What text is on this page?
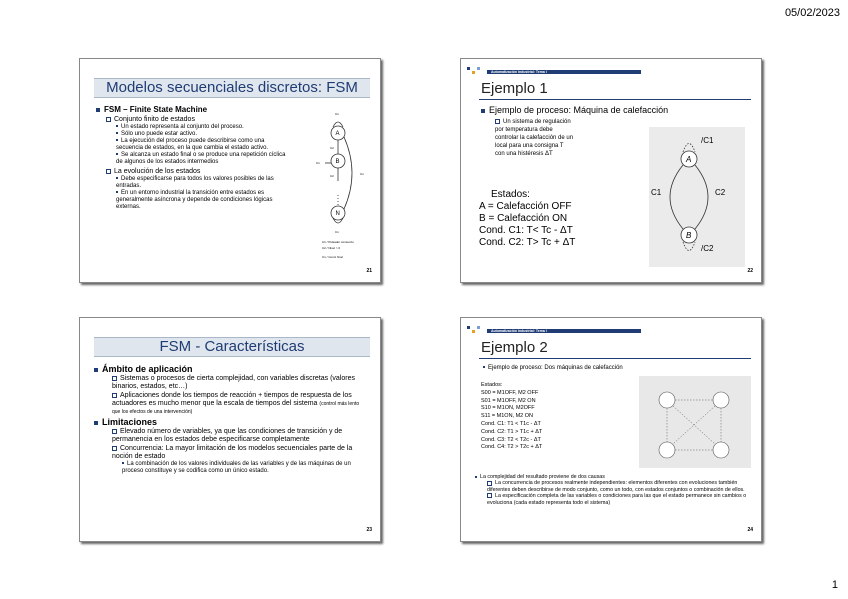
05/02/2023
1
Modelos secuenciales discretos: FSM
FSM – Finite State Machine
Conjunto finito de estados
Un estado representa al conjunto del proceso.
Sólo uno puede estar activo.
La ejecución del proceso puede describirse como una secuencia de estados, en la que cambia el estado activo.
Se alcanza un estado final o se produce una repetición cíclica de algunos de los estados intermedios
La evolución de los estados
Debe especificarse para todos los valores posibles de las entradas.
En un entorno industrial la transición entre estados es generalmente asíncrona y depende de condiciones lógicas externas.
A
B
N
C1
C2
Cn
C2
C1
Cn
C1 / Pulsador comienzo
C2 / Nivel > 0
Cn / Cond. final
21
Automatización Industrial: Tema I
Ejemplo 1
Ejemplo de proceso: Máquina de calefacción
Un sistema de regulación
por temperatura debe
controlar la calefacción de un
local para una consigna T
con una histéresis ΔT
Estados:
A = Calefacción OFF
B = Calefacción ON
Cond. C1: T< Tc - ΔT
Cond. C2: T> Tc + ΔT
A
B
/C1
/C2
C1	C2
22
FSM - Características
Ámbito de aplicación
Sistemas o procesos de cierta complejidad, con variables discretas (valores binarios, estados, etc…)
Aplicaciones donde los tiempos de reacción + tiempos de respuesta de los actuadores es mucho menor que la escala de tiempos del sistema (control más lento que los efectos de una intervención)
Limitaciones
Elevado número de variables, ya que las condiciones de transición y de permanencia en los estados debe especificarse completamente
Concurrencia: La mayor limitación de los modelos secuenciales parte de la noción de estado
La combinación de los valores individuales de las variables y de las máquinas de un proceso constituye y se codifica como un único estado.
23
Automatización Industrial: Tema I
Ejemplo 2
Ejemplo de proceso: Dos máquinas de calefacción
Estados:
S00 = M1OFF, M2 OFF
S01 = M1OFF, M2 ON
S10 = M1ON, M2OFF
S11 = M1ON, M2 ON
Cond. C1: T1 < T1c - ΔT
Cond. C2: T1 > T1c + ΔT
Cond. C3: T2 < T2c - ΔT
Cond. C4: T2 > T2c + ΔT
La complejidad del resultado proviene de dos causas
La concurrencia de procesos realmente independientes: elementos diferentes con evoluciones también diferentes deben describirse de modo conjunto, como un todo, con estados conjuntos o combinación de ellos.
La especificación completa de las variables o condiciones para las que el estado permanece sin cambios o evoluciona (cada estado representa todo el sistema)
24
